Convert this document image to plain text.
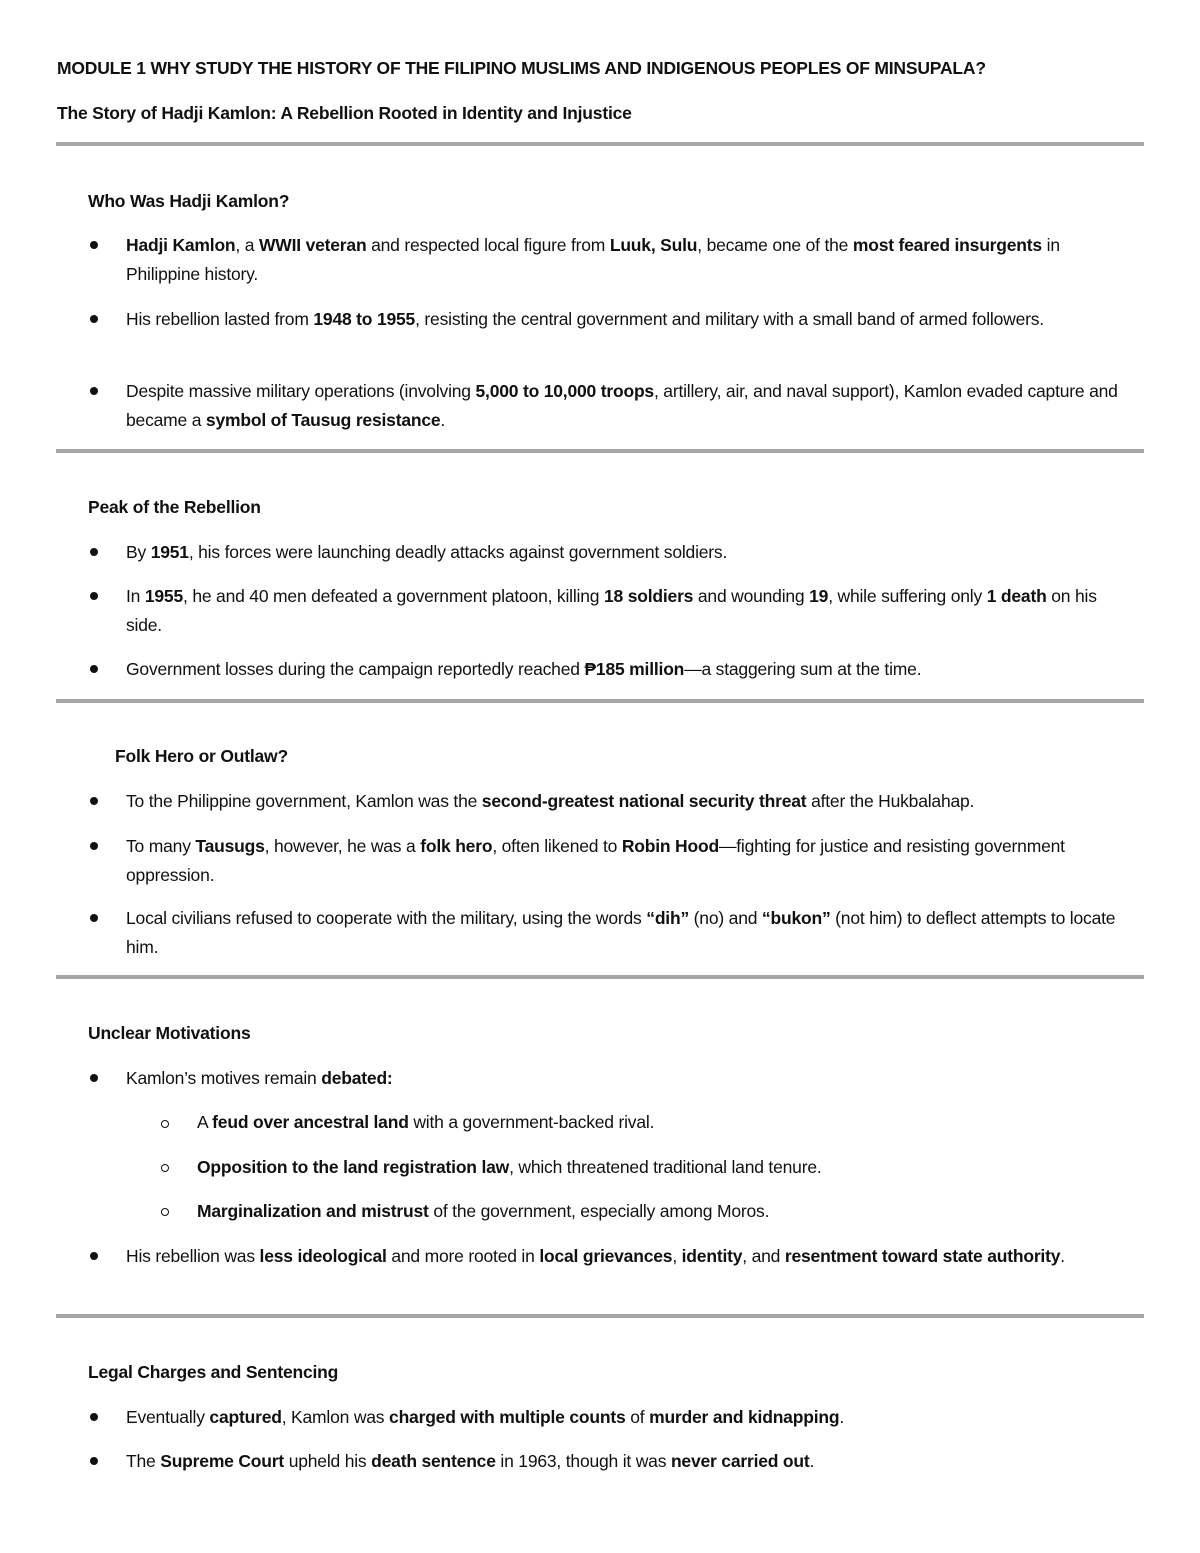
MODULE 1 WHY STUDY THE HISTORY OF THE FILIPINO MUSLIMS AND INDIGENOUS PEOPLES OF MINSUPALA?
The Story of Hadji Kamlon: A Rebellion Rooted in Identity and Injustice
Who Was Hadji Kamlon?
Hadji Kamlon, a WWII veteran and respected local figure from Luuk, Sulu, became one of the most feared insurgents in Philippine history.
His rebellion lasted from 1948 to 1955, resisting the central government and military with a small band of armed followers.
Despite massive military operations (involving 5,000 to 10,000 troops, artillery, air, and naval support), Kamlon evaded capture and became a symbol of Tausug resistance.
Peak of the Rebellion
By 1951, his forces were launching deadly attacks against government soldiers.
In 1955, he and 40 men defeated a government platoon, killing 18 soldiers and wounding 19, while suffering only 1 death on his side.
Government losses during the campaign reportedly reached ₱185 million—a staggering sum at the time.
Folk Hero or Outlaw?
To the Philippine government, Kamlon was the second-greatest national security threat after the Hukbalahap.
To many Tausugs, however, he was a folk hero, often likened to Robin Hood—fighting for justice and resisting government oppression.
Local civilians refused to cooperate with the military, using the words “dih” (no) and “bukon” (not him) to deflect attempts to locate him.
Unclear Motivations
Kamlon’s motives remain debated:
A feud over ancestral land with a government-backed rival.
Opposition to the land registration law, which threatened traditional land tenure.
Marginalization and mistrust of the government, especially among Moros.
His rebellion was less ideological and more rooted in local grievances, identity, and resentment toward state authority.
Legal Charges and Sentencing
Eventually captured, Kamlon was charged with multiple counts of murder and kidnapping.
The Supreme Court upheld his death sentence in 1963, though it was never carried out.
